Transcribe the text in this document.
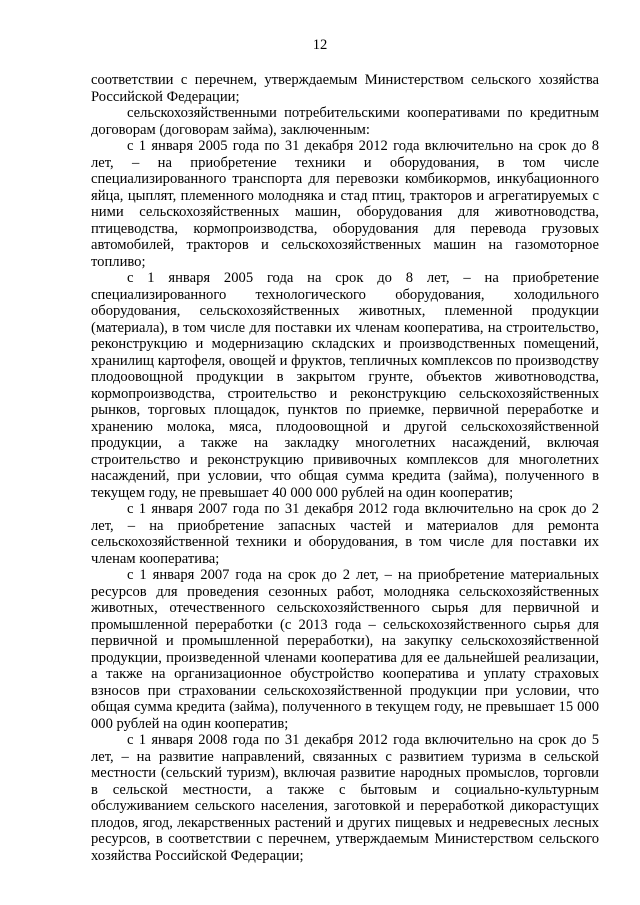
12

соответствии с перечнем, утверждаемым Министерством сельского хозяйства Российской Федерации;

сельскохозяйственными потребительскими кооперативами по кредитным договорам (договорам займа), заключенным:

с 1 января 2005 года по 31 декабря 2012 года включительно на срок до 8 лет, – на приобретение техники и оборудования, в том числе специализированного транспорта для перевозки комбикормов, инкубационного яйца, цыплят, племенного молодняка и стад птиц, тракторов и агрегатируемых с ними сельскохозяйственных машин, оборудования для животноводства, птицеводства, кормопроизводства, оборудования для перевода грузовых автомобилей, тракторов и сельскохозяйственных машин на газомоторное топливо;

с 1 января 2005 года на срок до 8 лет, – на приобретение специализированного технологического оборудования, холодильного оборудования, сельскохозяйственных животных, племенной продукции (материала), в том числе для поставки их членам кооператива, на строительство, реконструкцию и модернизацию складских и производственных помещений, хранилищ картофеля, овощей и фруктов, тепличных комплексов по производству плодоовощной продукции в закрытом грунте, объектов животноводства, кормопроизводства, строительство и реконструкцию сельскохозяйственных рынков, торговых площадок, пунктов по приемке, первичной переработке и хранению молока, мяса, плодоовощной и другой сельскохозяйственной продукции, а также на закладку многолетних насаждений, включая строительство и реконструкцию прививочных комплексов для многолетних насаждений, при условии, что общая сумма кредита (займа), полученного в текущем году, не превышает 40 000 000 рублей на один кооператив;

с 1 января 2007 года по 31 декабря 2012 года включительно на срок до 2 лет, – на приобретение запасных частей и материалов для ремонта сельскохозяйственной техники и оборудования, в том числе для поставки их членам кооператива;

с 1 января 2007 года на срок до 2 лет, – на приобретение материальных ресурсов для проведения сезонных работ, молодняка сельскохозяйственных животных, отечественного сельскохозяйственного сырья для первичной и промышленной переработки (с 2013 года – сельскохозяйственного сырья для первичной и промышленной переработки), на закупку сельскохозяйственной продукции, произведенной членами кооператива для ее дальнейшей реализации, а также на организационное обустройство кооператива и уплату страховых взносов при страховании сельскохозяйственной продукции при условии, что общая сумма кредита (займа), полученного в текущем году, не превышает 15 000 000 рублей на один кооператив;

с 1 января 2008 года по 31 декабря 2012 года включительно на срок до 5 лет, – на развитие направлений, связанных с развитием туризма в сельской местности (сельский туризм), включая развитие народных промыслов, торговли в сельской местности, а также с бытовым и социально-культурным обслуживанием сельского населения, заготовкой и переработкой дикорастущих плодов, ягод, лекарственных растений и других пищевых и недревесных лесных ресурсов, в соответствии с перечнем, утверждаемым Министерством сельского хозяйства Российской Федерации;
